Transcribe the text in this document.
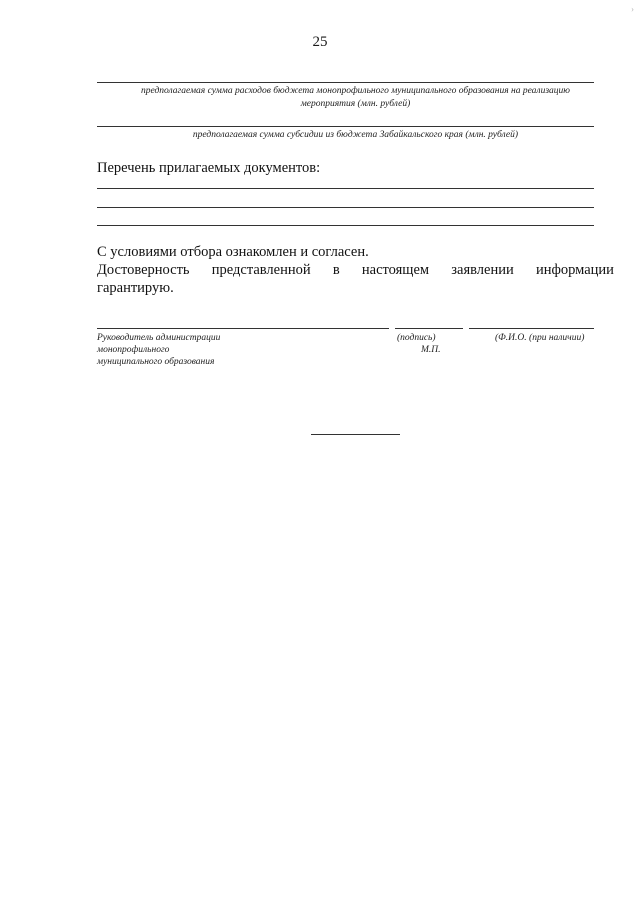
25
›
предполагаемая сумма расходов бюджета монопрофильного муниципального образования на реализацию
мероприятия (млн. рублей)
предполагаемая сумма субсидии из бюджета Забайкальского края (млн. рублей)
Перечень прилагаемых документов:
С условиями отбора ознакомлен и согласен.
Достоверность представленной в настоящем заявлении информации
гарантирую.
Руководитель администрации
монопрофильного
муниципального образования
(подпись)
М.П.
(Ф.И.О. (при наличии)
